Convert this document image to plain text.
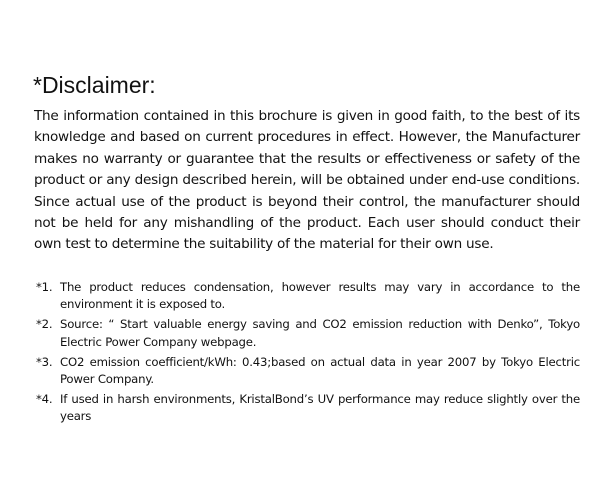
*Disclaimer:
The information contained in this brochure is given in good faith, to the best of its knowledge and based on current procedures in effect. However, the Manufacturer makes no warranty or guarantee that the results or effectiveness or safety of the product or any design described herein, will be obtained under end-use conditions. Since actual use of the product is beyond their control, the manufacturer should not be held for any mishandling of the product. Each user should conduct their own test to determine the suitability of the material for their own use.
*1. The product reduces condensation, however results may vary in accordance to the environment it is exposed to.
*2. Source: “ Start valuable energy saving and CO2 emission reduction with Denko”, Tokyo Electric Power Company webpage.
*3. CO2 emission coefficient/kWh: 0.43;based on actual data in year 2007 by Tokyo Electric Power Company.
*4. If used in harsh environments, KristalBond’s UV performance may reduce slightly over the years
